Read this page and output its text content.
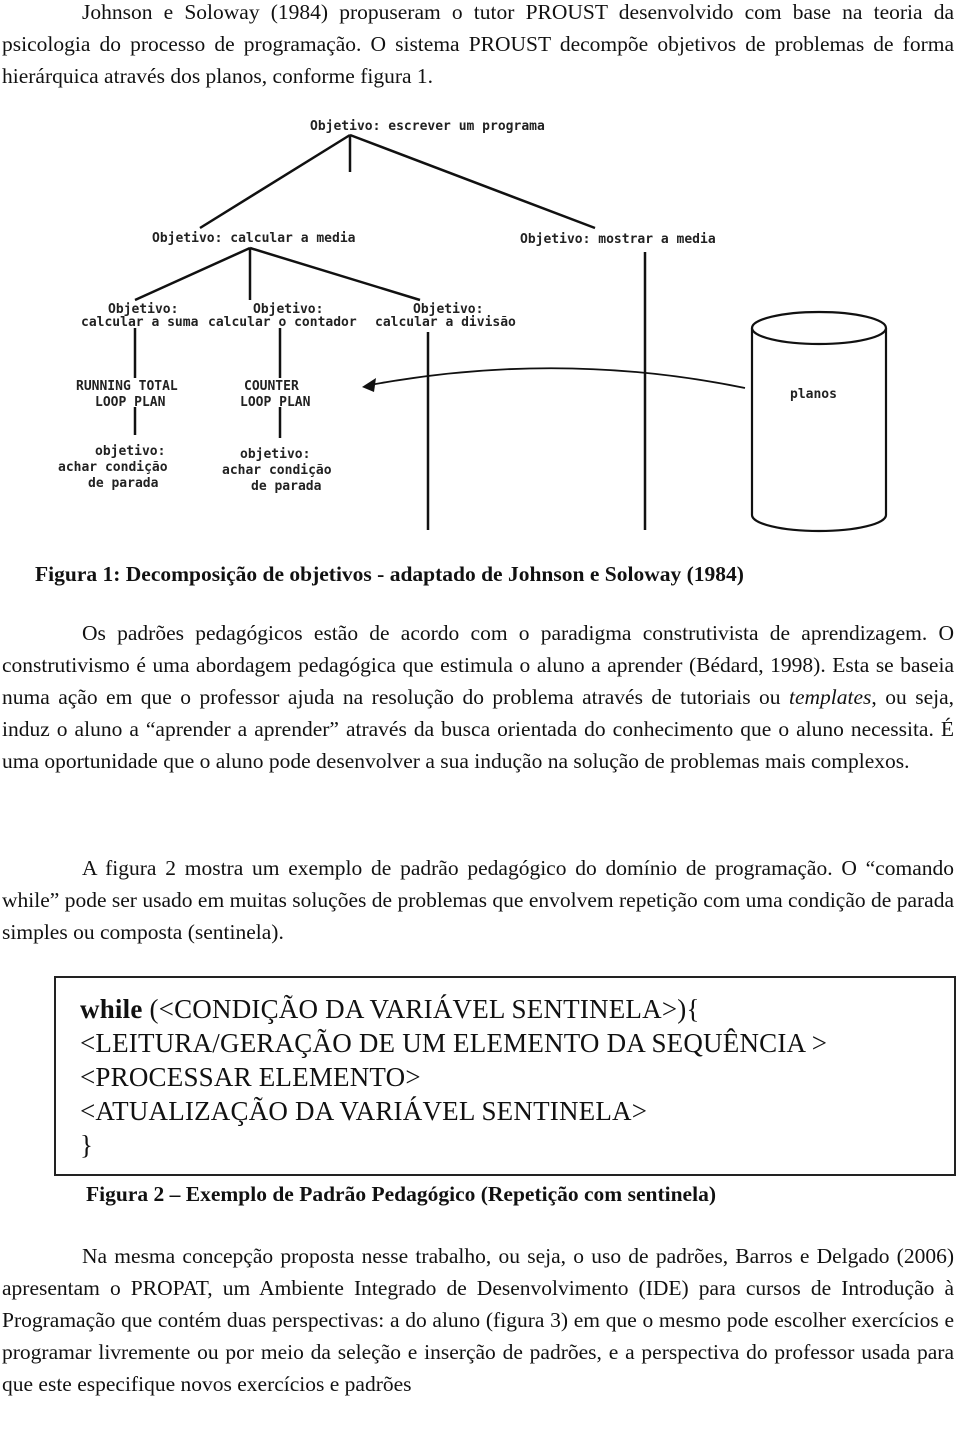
Johnson e Soloway (1984) propuseram o tutor PROUST desenvolvido com base na teoria da psicologia do processo de programação. O sistema PROUST decompõe objetivos de problemas de forma hierárquica através dos planos, conforme figura 1.
Objetivo: escrever um programa
Objetivo: calcular a media	Objetivo: mostrar a media
Objetivo:
calcular a suma
Objetivo:
calcular o contador
Objetivo:
calcular a divisão
RUNNING TOTAL
LOOP PLAN
COUNTER
LOOP PLAN
objetivo:
achar condição
de parada
objetivo:
achar condição
de parada
planos
Figura 1: Decomposição de objetivos - adaptado de Johnson e Soloway (1984)
Os padrões pedagógicos estão de acordo com o paradigma construtivista de aprendizagem. O construtivismo é uma abordagem pedagógica que estimula o aluno a aprender (Bédard, 1998). Esta se baseia numa ação em que o professor ajuda na resolução do problema através de tutoriais ou templates, ou seja, induz o aluno a “aprender a aprender” através da busca orientada do conhecimento que o aluno necessita. É uma oportunidade que o aluno pode desenvolver a sua indução na solução de problemas mais complexos.
A figura 2 mostra um exemplo de padrão pedagógico do domínio de programação. O “comando while” pode ser usado em muitas soluções de problemas que envolvem repetição com uma condição de parada simples ou composta (sentinela).
while (<CONDIÇÃO DA VARIÁVEL SENTINELA>){
<LEITURA/GERAÇÃO DE UM ELEMENTO DA SEQUÊNCIA >
<PROCESSAR ELEMENTO>
<ATUALIZAÇÃO DA VARIÁVEL SENTINELA>
}
Figura 2 – Exemplo de Padrão Pedagógico (Repetição com sentinela)
Na mesma concepção proposta nesse trabalho, ou seja, o uso de padrões, Barros e Delgado (2006) apresentam o PROPAT, um Ambiente Integrado de Desenvolvimento (IDE) para cursos de Introdução à Programação que contém duas perspectivas: a do aluno (figura 3) em que o mesmo pode escolher exercícios e programar livremente ou por meio da seleção e inserção de padrões, e a perspectiva do professor usada para que este especifique novos exercícios e padrões
